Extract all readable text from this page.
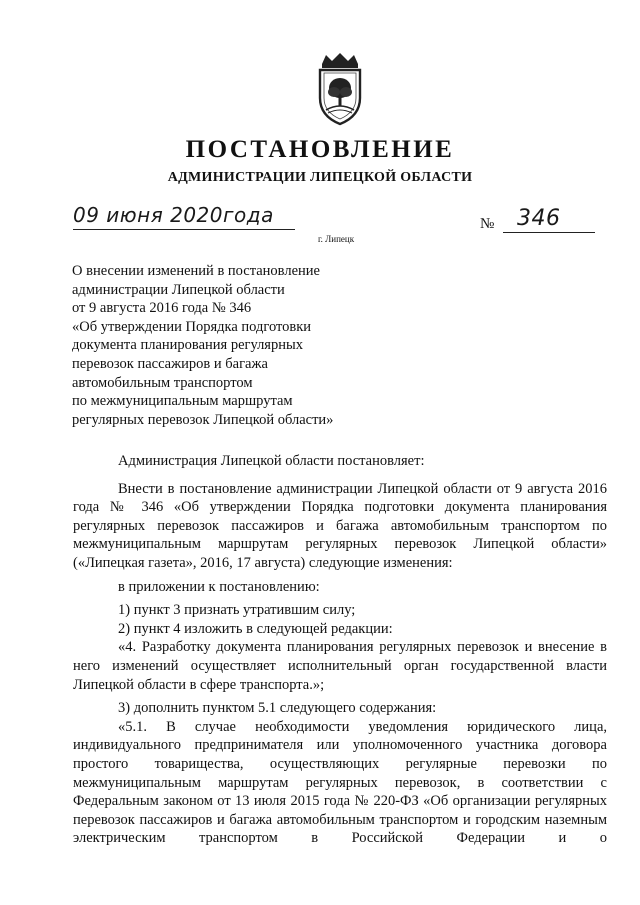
ПОСТАНОВЛЕНИЕ
АДМИНИСТРАЦИИ ЛИПЕЦКОЙ ОБЛАСТИ
09 июня 2020года
г. Липецк
№ 346
О внесении изменений в постановление
администрации Липецкой области
от 9 августа 2016 года № 346
«Об утверждении Порядка подготовки
документа планирования регулярных
перевозок пассажиров и багажа
автомобильным транспортом
по межмуниципальным маршрутам
регулярных перевозок Липецкой области»

Администрация Липецкой области постановляет:

Внести в постановление администрации Липецкой области от 9 августа 2016 года № 346 «Об утверждении Порядка подготовки документа планирования регулярных перевозок пассажиров и багажа автомобильным транспортом по межмуниципальным маршрутам регулярных перевозок Липецкой области» («Липецкая газета», 2016, 17 августа) следующие изменения:

в приложении к постановлению:

1) пункт 3 признать утратившим силу;

2) пункт 4 изложить в следующей редакции:

«4. Разработку документа планирования регулярных перевозок и внесение в него изменений осуществляет исполнительный орган государственной власти Липецкой области в сфере транспорта.»;

3) дополнить пунктом 5.1 следующего содержания:

«5.1. В случае необходимости уведомления юридического лица, индивидуального предпринимателя или уполномоченного участника договора простого товарищества, осуществляющих регулярные перевозки по межмуниципальным маршрутам регулярных перевозок, в соответствии с Федеральным законом от 13 июля 2015 года № 220-ФЗ «Об организации регулярных перевозок пассажиров и багажа автомобильным транспортом и городским наземным электрическим транспортом в Российской Федерации и о
